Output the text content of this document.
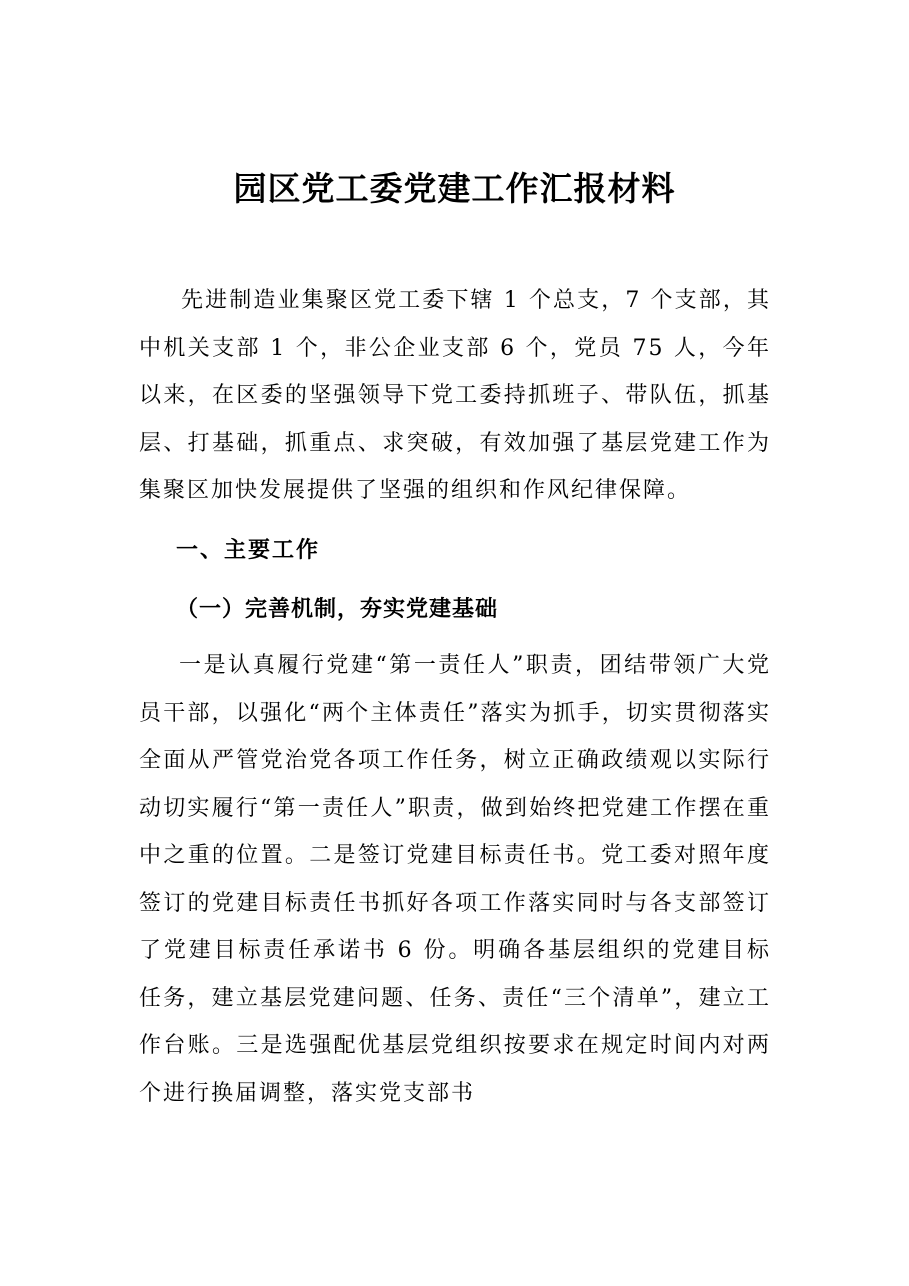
园区党工委党建工作汇报材料

先进制造业集聚区党工委下辖 1 个总支，7 个支部，其中机关支部 1 个，非公企业支部 6 个，党员 75 人，今年以来，在区委的坚强领导下党工委持抓班子、带队伍，抓基层、打基础，抓重点、求突破，有效加强了基层党建工作为集聚区加快发展提供了坚强的组织和作风纪律保障。

一、主要工作
（一）完善机制，夯实党建基础

一是认真履行党建“第一责任人”职责，团结带领广大党员干部，以强化“两个主体责任”落实为抓手，切实贯彻落实全面从严管党治党各项工作任务，树立正确政绩观以实际行动切实履行“第一责任人”职责，做到始终把党建工作摆在重中之重的位置。二是签订党建目标责任书。党工委对照年度签订的党建目标责任书抓好各项工作落实同时与各支部签订了党建目标责任承诺书 6 份。明确各基层组织的党建目标任务，建立基层党建问题、任务、责任“三个清单”，建立工作台账。三是选强配优基层党组织按要求在规定时间内对两个进行换届调整，落实党支部书
